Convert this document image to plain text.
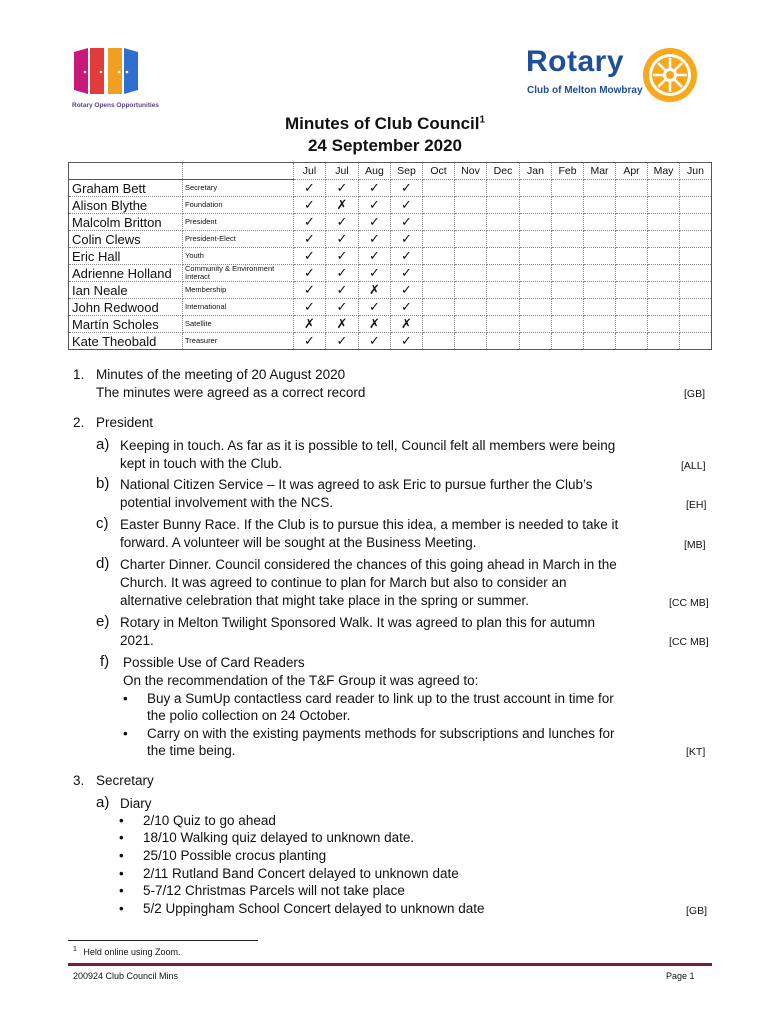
Rotary Opens Opportunities
Rotary
Club of Melton Mowbray
Minutes of Club Council$^1$
24 September 2020
		Jul	Jul	Aug	Sep	Oct	Nov	Dec	Jan	Feb	Mar	Apr	May	Jun
Graham Bett	Secretary	✓	✓	✓	✓									
Alison Blythe	Foundation	✓	✗	✓	✓									
Malcolm Britton	President	✓	✓	✓	✓									
Colin Clews	President-Elect	✓	✓	✓	✓									
Eric Hall	Youth	✓	✓	✓	✓									
Adrienne Holland	Community & Environment Interact	✓	✓	✓	✓									
Ian Neale	Membership	✓	✓	✗	✓									
John Redwood	International	✓	✓	✓	✓									
Martín Scholes	Satellite	✗	✗	✗	✗									
Kate Theobald	Treasurer	✓	✓	✓	✓									
1. Minutes of the meeting of 20 August 2020
The minutes were agreed as a correct record	[GB]
2. President
a) Keeping in touch. As far as it is possible to tell, Council felt all members were being
kept in touch with the Club.	[ALL]
b) National Citizen Service – It was agreed to ask Eric to pursue further the Club’s
potential involvement with the NCS.	[EH]
c) Easter Bunny Race. If the Club is to pursue this idea, a member is needed to take it
forward. A volunteer will be sought at the Business Meeting.	[MB]
d) Charter Dinner. Council considered the chances of this going ahead in March in the
Church. It was agreed to continue to plan for March but also to consider an
alternative celebration that might take place in the spring or summer.	[CC MB]
e) Rotary in Melton Twilight Sponsored Walk. It was agreed to plan this for autumn
2021.	[CC MB]
f) Possible Use of Card Readers
On the recommendation of the T&F Group it was agreed to:
• Buy a SumUp contactless card reader to link up to the trust account in time for
the polio collection on 24 October.
• Carry on with the existing payments methods for subscriptions and lunches for
the time being.	[KT]
3. Secretary
a) Diary
• 2/10 Quiz to go ahead
• 18/10 Walking quiz delayed to unknown date.
• 25/10 Possible crocus planting
• 2/11 Rutland Band Concert delayed to unknown date
• 5-7/12 Christmas Parcels will not take place
• 5/2 Uppingham School Concert delayed to unknown date	[GB]
$^1$ Held online using Zoom.
200924 Club Council Mins	Page 1
